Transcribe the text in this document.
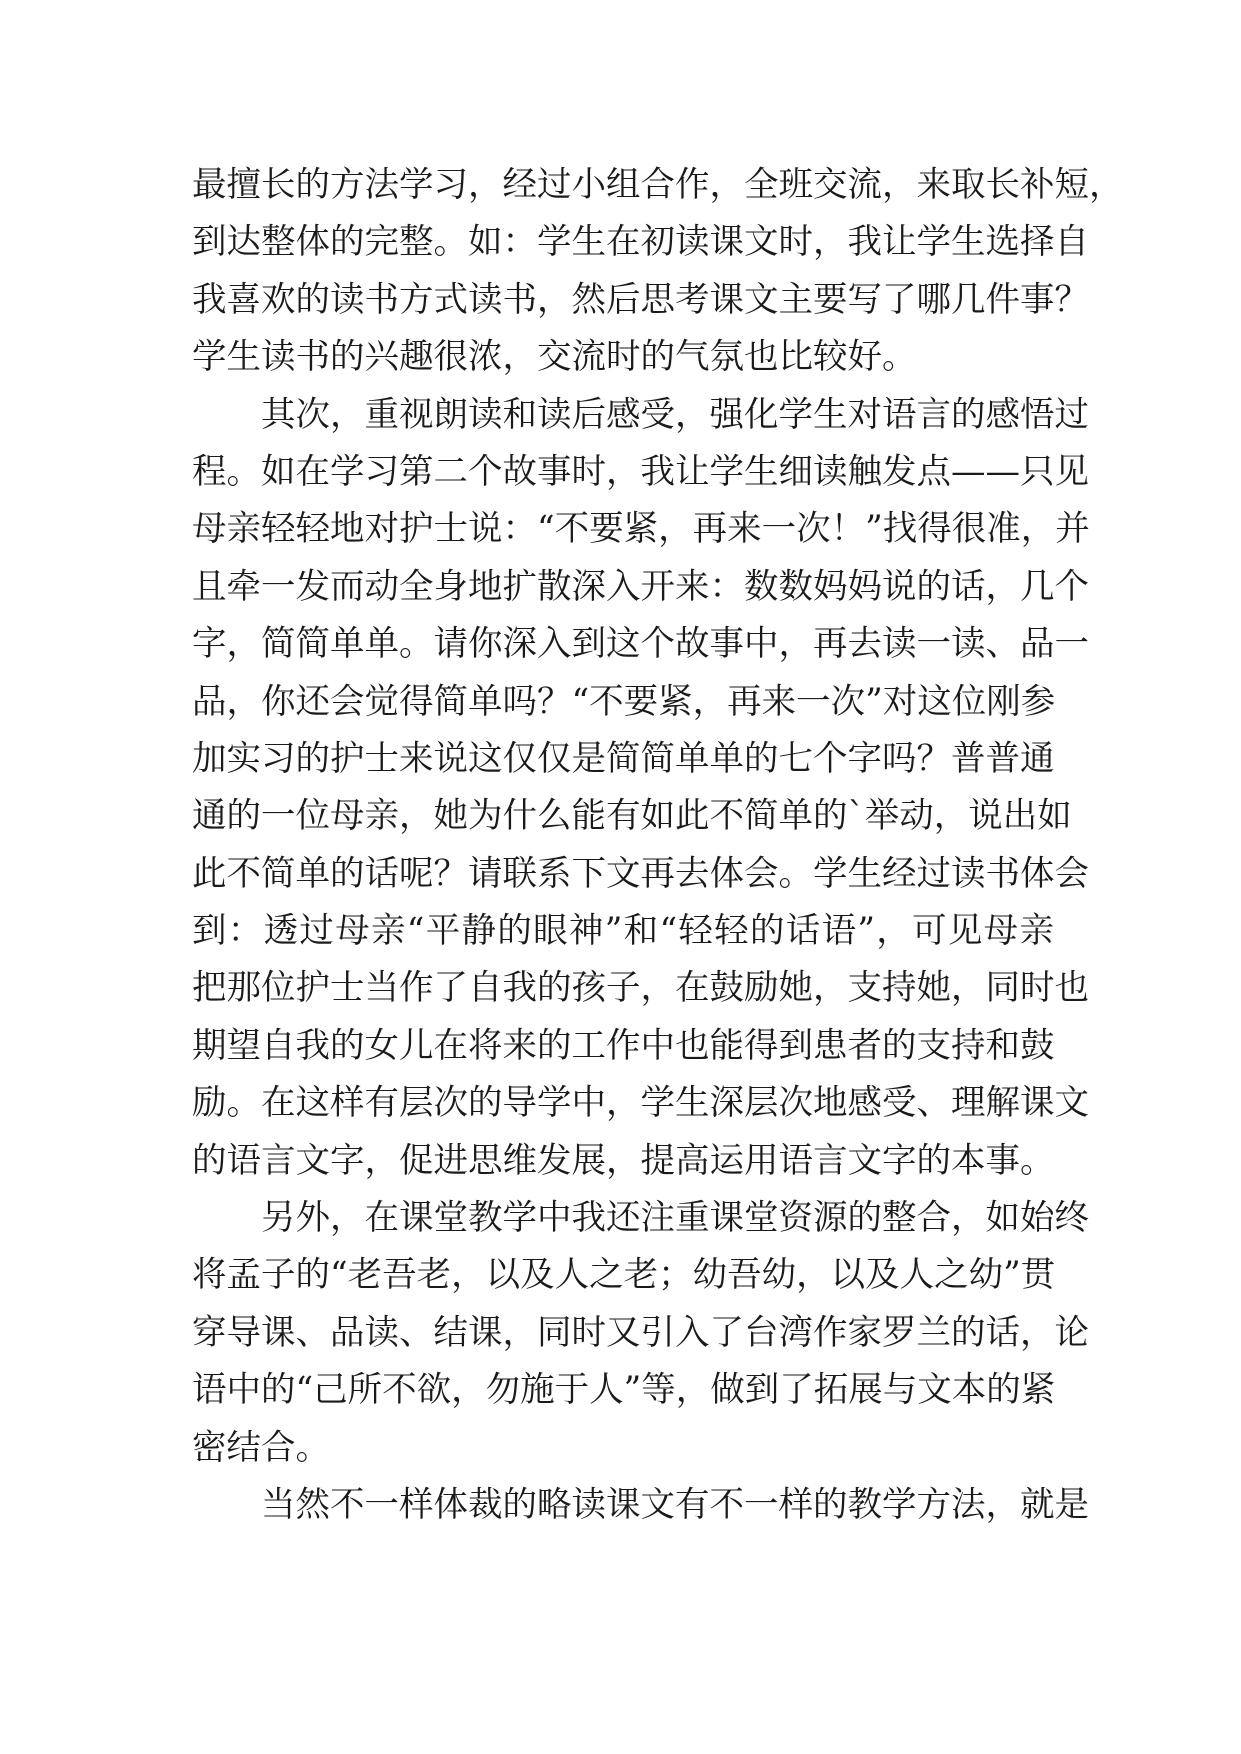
最擅长的方法学习，经过小组合作，全班交流，来取长补短，
到达整体的完整。如：学生在初读课文时，我让学生选择自
我喜欢的读书方式读书，然后思考课文主要写了哪几件事？
学生读书的兴趣很浓，交流时的气氛也比较好。
其次，重视朗读和读后感受，强化学生对语言的感悟过
程。如在学习第二个故事时，我让学生细读触发点——只见
母亲轻轻地对护士说：“不要紧，再来一次！”找得很准，并
且牵一发而动全身地扩散深入开来：数数妈妈说的话，几个
字，简简单单。请你深入到这个故事中，再去读一读、品一
品，你还会觉得简单吗？“不要紧，再来一次”对这位刚参
加实习的护士来说这仅仅是简简单单的七个字吗？普普通
通的一位母亲，她为什么能有如此不简单的`举动，说出如
此不简单的话呢？请联系下文再去体会。学生经过读书体会
到：透过母亲“平静的眼神”和“轻轻的话语”，可见母亲
把那位护士当作了自我的孩子，在鼓励她，支持她，同时也
期望自我的女儿在将来的工作中也能得到患者的支持和鼓
励。在这样有层次的导学中，学生深层次地感受、理解课文
的语言文字，促进思维发展，提高运用语言文字的本事。
另外，在课堂教学中我还注重课堂资源的整合，如始终
将孟子的“老吾老，以及人之老；幼吾幼，以及人之幼”贯
穿导课、品读、结课，同时又引入了台湾作家罗兰的话，论
语中的“己所不欲，勿施于人”等，做到了拓展与文本的紧
密结合。
当然不一样体裁的略读课文有不一样的教学方法，就是
